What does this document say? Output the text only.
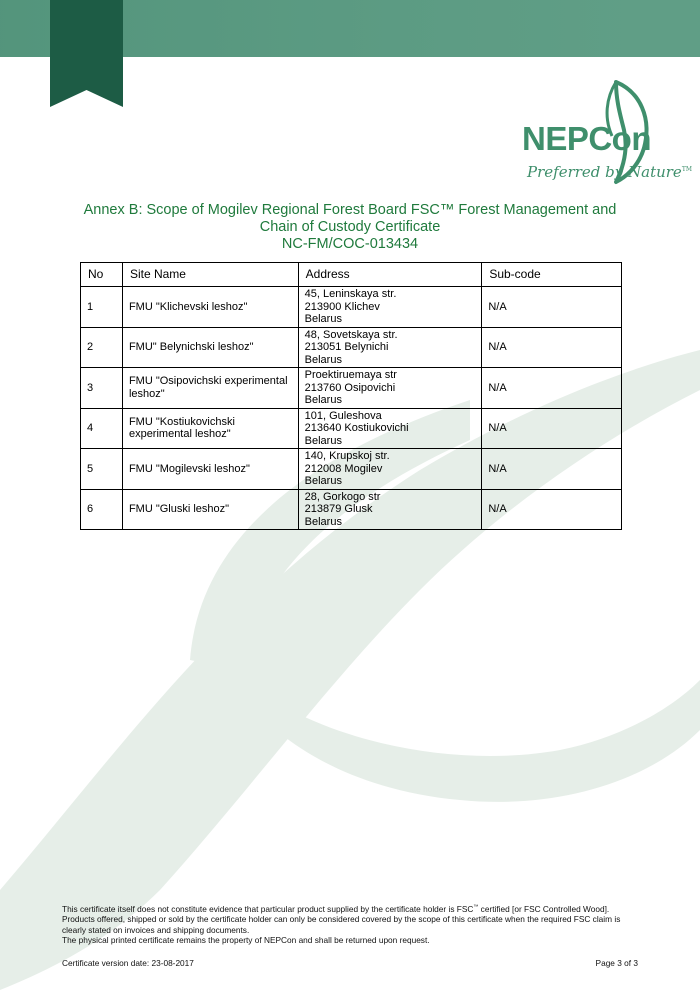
NEPCon
Preferred by Nature™
Annex B: Scope of Mogilev Regional Forest Board FSC™ Forest Management and
Chain of Custody Certificate
NC-FM/COC-013434
No	Site Name	Address	Sub-code
1	FMU "Klichevski leshoz"	45, Leninskaya str.
213900 Klichev
Belarus	N/A
2	FMU" Belynichski leshoz"	48, Sovetskaya str.
213051 Belynichi
Belarus	N/A
3	FMU "Osipovichski experimental leshoz"	Proektiruemaya str
213760 Osipovichi
Belarus	N/A
4	FMU "Kostiukovichski experimental leshoz"	101, Guleshova
213640 Kostiukovichi
Belarus	N/A
5	FMU "Mogilevski leshoz"	140, Krupskoj str.
212008 Mogilev
Belarus	N/A
6	FMU "Gluski leshoz"	28, Gorkogo str
213879 Glusk
Belarus	N/A
This certificate itself does not constitute evidence that particular product supplied by the certificate holder is FSC™ certified [or FSC Controlled Wood]. Products offered, shipped or sold by the certificate holder can only be considered covered by the scope of this certificate when the required FSC claim is clearly stated on invoices and shipping documents.
The physical printed certificate remains the property of NEPCon and shall be returned upon request.
Certificate version date: 23-08-2017	Page 3 of 3
